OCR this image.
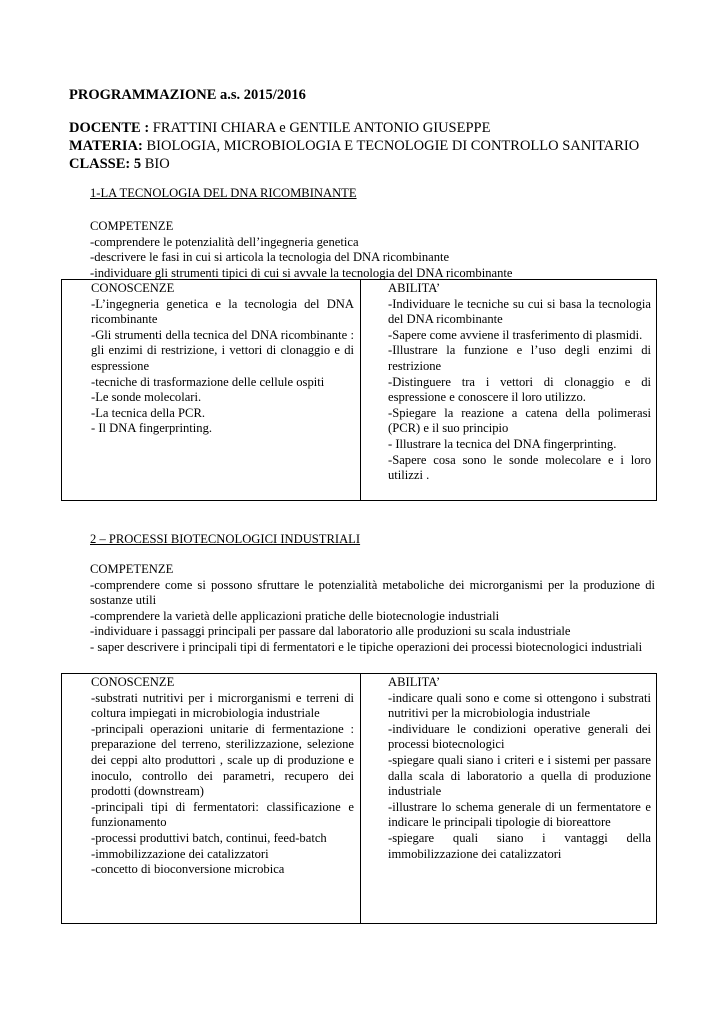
PROGRAMMAZIONE a.s. 2015/2016
DOCENTE : FRATTINI CHIARA e GENTILE ANTONIO GIUSEPPE
MATERIA: BIOLOGIA, MICROBIOLOGIA E TECNOLOGIE DI CONTROLLO SANITARIO
CLASSE: 5 BIO
1-LA TECNOLOGIA DEL DNA RICOMBINANTE
COMPETENZE
-comprendere le potenzialità dell’ingegneria genetica
-descrivere le fasi in cui si articola la tecnologia del DNA ricombinante
-individuare gli strumenti tipici di cui si avvale la tecnologia del DNA ricombinante

CONOSCENZE

-L’ingegneria genetica e la tecnologia del DNA ricombinante

-Gli strumenti della tecnica del DNA ricombinante : gli enzimi di restrizione, i vettori di clonaggio e di espressione

-tecniche di trasformazione delle cellule ospiti

-Le sonde molecolari.

-La tecnica della PCR.

- Il DNA fingerprinting.

ABILITA’

-Individuare le tecniche su cui si basa la tecnologia del DNA ricombinante

-Sapere come avviene il trasferimento di plasmidi.

-Illustrare la funzione e l’uso degli enzimi di restrizione

-Distinguere tra i vettori di clonaggio e di espressione e conoscere il loro utilizzo.

-Spiegare la reazione a catena della polimerasi (PCR) e il suo principio

- Illustrare la tecnica del DNA fingerprinting.

-Sapere cosa sono le sonde molecolare e i loro utilizzi .

2 – PROCESSI BIOTECNOLOGICI INDUSTRIALI
COMPETENZE
-comprendere come si possono sfruttare le potenzialità metaboliche dei microrganismi per la produzione di sostanze utili
-comprendere la varietà delle applicazioni pratiche delle biotecnologie industriali
-individuare i passaggi principali per passare dal laboratorio alle produzioni su scala industriale
- saper descrivere i principali tipi di fermentatori e le tipiche operazioni dei processi biotecnologici industriali

CONOSCENZE

-substrati nutritivi per i microrganismi e terreni di coltura impiegati in microbiologia industriale

-principali operazioni unitarie di fermentazione : preparazione del terreno, sterilizzazione, selezione dei ceppi alto produttori , scale up di produzione e inoculo, controllo dei parametri, recupero dei prodotti (downstream)

-principali tipi di fermentatori: classificazione e funzionamento

-processi produttivi batch, continui, feed-batch

-immobilizzazione dei catalizzatori

-concetto di bioconversione microbica

ABILITA’

-indicare quali sono e come si ottengono i substrati nutritivi per la microbiologia industriale

-individuare le condizioni operative generali dei processi biotecnologici

-spiegare quali siano i criteri e i sistemi per passare dalla scala di laboratorio a quella di produzione industriale

-illustrare lo schema generale di un fermentatore e indicare le principali tipologie di bioreattore

-spiegare quali siano i vantaggi della immobilizzazione dei catalizzatori
